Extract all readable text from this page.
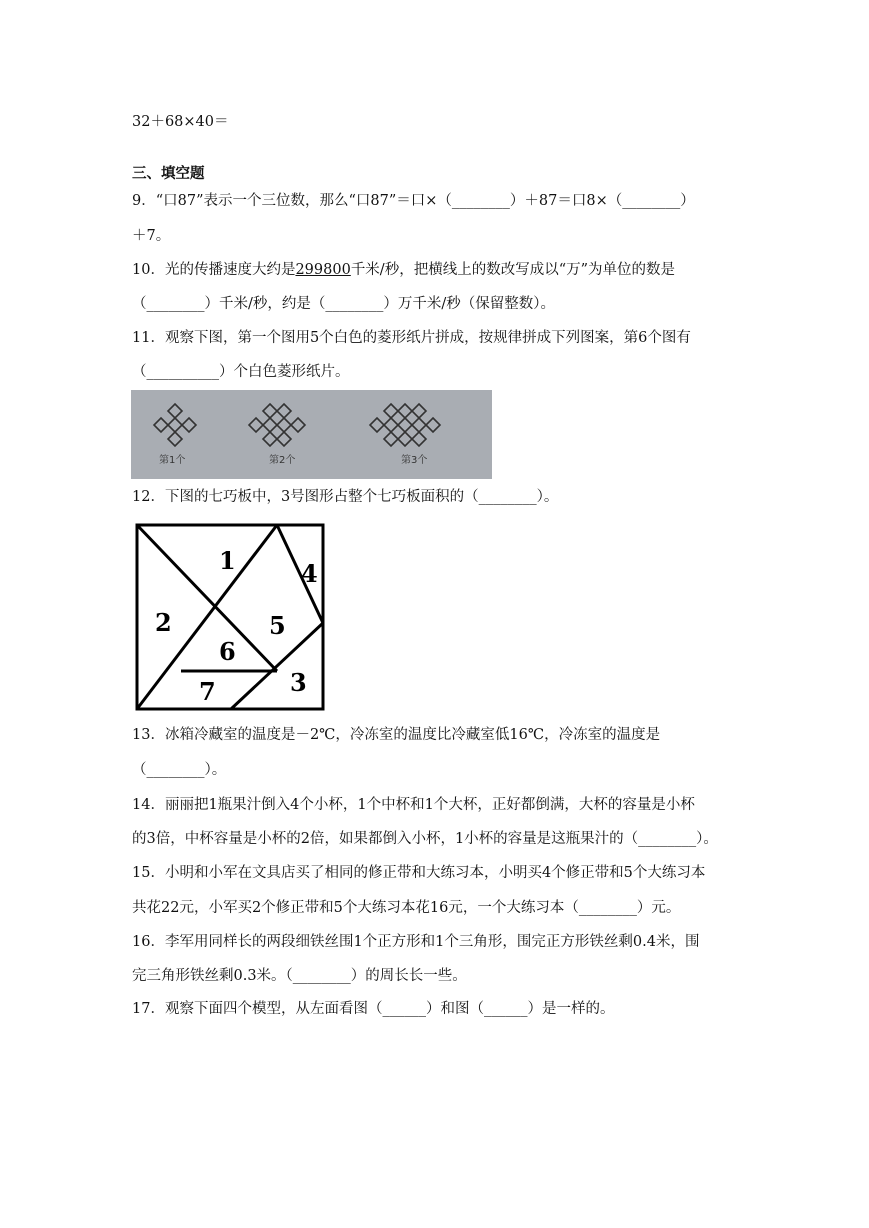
32＋68×40＝
三、填空题
9．“口87”表示一个三位数，那么“口87”＝口×（________）＋87＝口8×（________）
＋7。
10．光的传播速度大约是299800千米/秒，把横线上的数改写成以“万”为单位的数是
（________）千米/秒，约是（________）万千米/秒（保留整数）。
11．观察下图，第一个图用5个白色的菱形纸片拼成，按规律拼成下列图案，第6个图有
（__________）个白色菱形纸片。
第1个	第2个	第3个
12．下图的七巧板中，3号图形占整个七巧板面积的（________）。
1
2
3
4
5
6
7
13．冰箱冷藏室的温度是－2℃，冷冻室的温度比冷藏室低16℃，冷冻室的温度是
（________）。
14．丽丽把1瓶果汁倒入4个小杯，1个中杯和1个大杯，正好都倒满，大杯的容量是小杯
的3倍，中杯容量是小杯的2倍，如果都倒入小杯，1小杯的容量是这瓶果汁的（________）。
15．小明和小军在文具店买了相同的修正带和大练习本，小明买4个修正带和5个大练习本
共花22元，小军买2个修正带和5个大练习本花16元，一个大练习本（________）元。
16．李军用同样长的两段细铁丝围1个正方形和1个三角形，围完正方形铁丝剩0.4米，围
完三角形铁丝剩0.3米。（________）的周长长一些。
17．观察下面四个模型，从左面看图（______）和图（______）是一样的。
